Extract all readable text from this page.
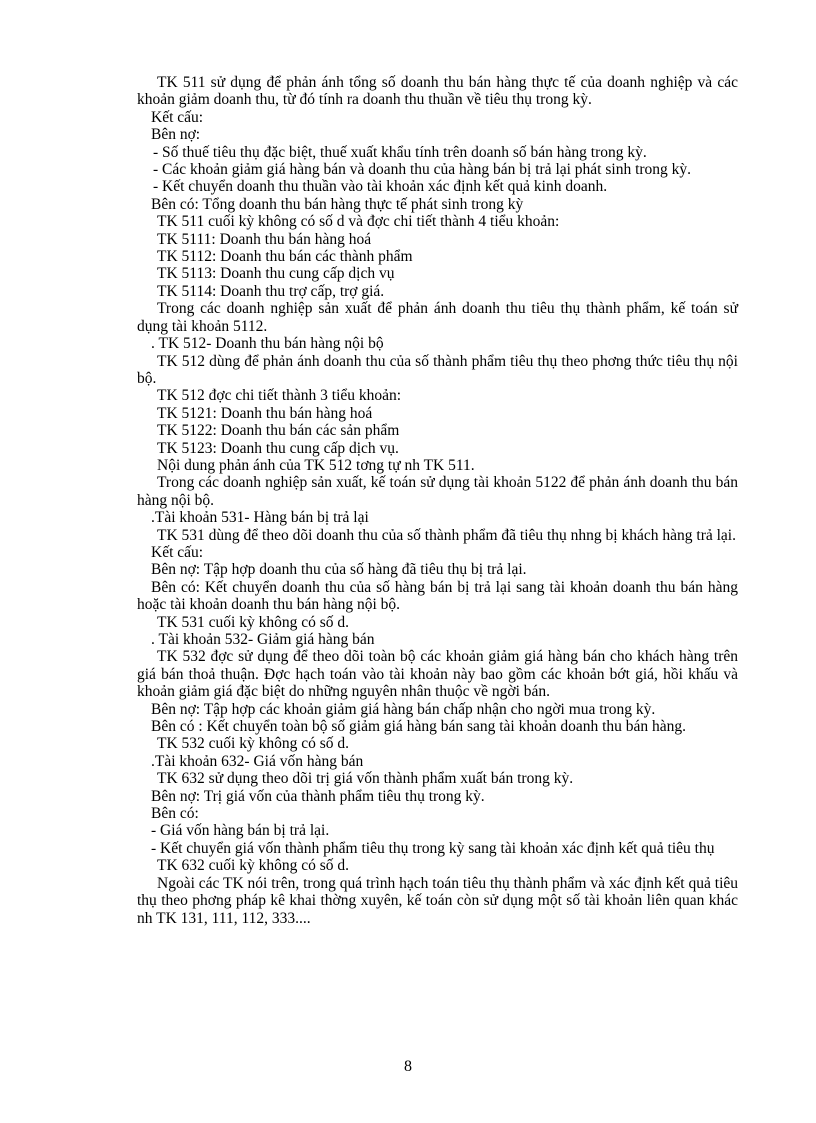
TK 511 sử dụng để phản ánh tổng số doanh thu bán hàng thực tế của doanh nghiệp và các khoản giảm doanh thu, từ đó tính ra doanh thu thuần về tiêu thụ trong kỳ.

Kết cấu:

Bên nợ:

- Số thuế tiêu thụ đặc biệt, thuế xuất khẩu tính trên doanh số bán hàng trong kỳ.

- Các khoản giảm giá hàng bán và doanh thu của hàng bán bị trả lại phát sinh trong kỳ.

- Kết chuyển doanh thu thuần vào tài khoản xác định kết quả kinh doanh.

Bên có: Tổng doanh thu bán hàng thực tế phát sinh trong kỳ

TK 511 cuối kỳ không có số d và đợc chi tiết thành 4 tiểu khoản:

TK 5111: Doanh thu bán hàng hoá

TK 5112: Doanh thu bán các thành phẩm

TK 5113: Doanh thu cung cấp dịch vụ

TK 5114: Doanh thu trợ cấp, trợ giá.

Trong các doanh nghiệp sản xuất để phản ánh doanh thu tiêu thụ thành phẩm, kế toán sử dụng tài khoản 5112.

. TK 512- Doanh thu bán hàng nội bộ

TK 512 dùng để phản ánh doanh thu của số thành phẩm tiêu thụ theo phơng thức tiêu thụ nội bộ.

TK 512 đợc chi tiết thành 3 tiểu khoản:

TK 5121: Doanh thu bán hàng hoá

TK 5122: Doanh thu bán các sản phẩm

TK 5123: Doanh thu cung cấp dịch vụ.

Nội dung phản ánh của TK 512 tơng tự nh TK 511.

Trong các doanh nghiệp sản xuất, kế toán sử dụng tài khoản 5122 để phản ánh doanh thu bán hàng nội bộ.

.Tài khoản 531- Hàng bán bị trả lại

TK 531 dùng để theo dõi doanh thu của số thành phẩm đã tiêu thụ nhng bị khách hàng trả lại.

Kết cấu:

Bên nợ: Tập hợp doanh thu của số hàng đã tiêu thụ bị trả lại.

Bên có: Kết chuyển doanh thu của số hàng bán bị trả lại sang tài khoản doanh thu bán hàng hoặc tài khoản doanh thu bán hàng nội bộ.

TK 531 cuối kỳ không có số d.

. Tài khoản 532- Giảm giá hàng bán

TK 532 đợc sử dụng để theo dõi toàn bộ các khoản giảm giá hàng bán cho khách hàng trên giá bán thoả thuận. Đợc hạch toán vào tài khoản này bao gồm các khoản bớt giá, hồi khấu và khoản giảm giá đặc biệt do những nguyên nhân thuộc về ngời bán.

Bên nợ: Tập hợp các khoản giảm giá hàng bán chấp nhận cho ngời mua trong kỳ.

Bên có : Kết chuyển toàn bộ số giảm giá hàng bán sang tài khoản doanh thu bán hàng.

TK 532 cuối kỳ không có số d.

.Tài khoản 632- Giá vốn hàng bán

TK 632 sử dụng theo dõi trị giá vốn thành phẩm xuất bán trong kỳ.

Bên nợ: Trị giá vốn của thành phẩm tiêu thụ trong kỳ.

Bên có:

- Giá vốn hàng bán bị trả lại.

- Kết chuyển giá vốn thành phẩm tiêu thụ trong kỳ sang tài khoản xác định kết quả tiêu thụ

TK 632 cuối kỳ không có số d.

Ngoài các TK nói trên, trong quá trình hạch toán tiêu thụ thành phẩm và xác định kết quả tiêu thụ theo phơng pháp kê khai thờng xuyên, kế toán còn sử dụng một số tài khoản liên quan khác nh TK 131, 111, 112, 333....

8
